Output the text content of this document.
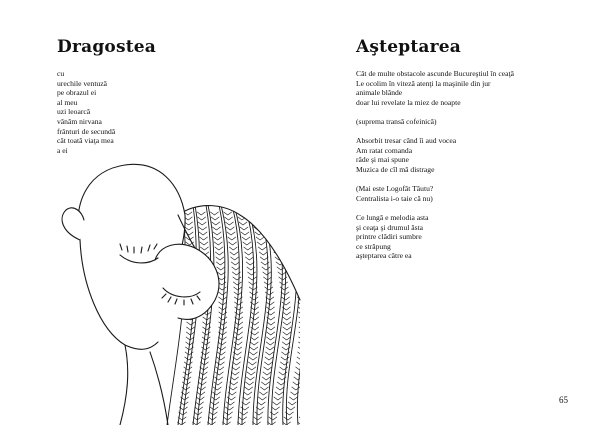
Dragostea
cu
urechile ventuză
pe obrazul ei
al meu
uzi leoarcă
vânăm nirvana
frânturi de secundă
cât toată viaţa mea
a ei
Aşteptarea
Cât de multe obstacole ascunde Bucureştiul în ceaţă
Le ocolim în viteză atenţi la maşinile din jur
animale blânde
doar lui revelate la miez de noapte
(suprema transă cofeinică)
Absorbit tresar când îi aud vocea
Am ratat comanda
râde şi mai spune
Muzica de cîl mă distrage
(Mai este Logofăt Tăutu?
Centralista i-o taie că nu)
Ce lungă e melodia asta
şi ceaţa şi drumul ăsta
printre clădiri sumbre
ce străpung
aşteptarea către ea
65
